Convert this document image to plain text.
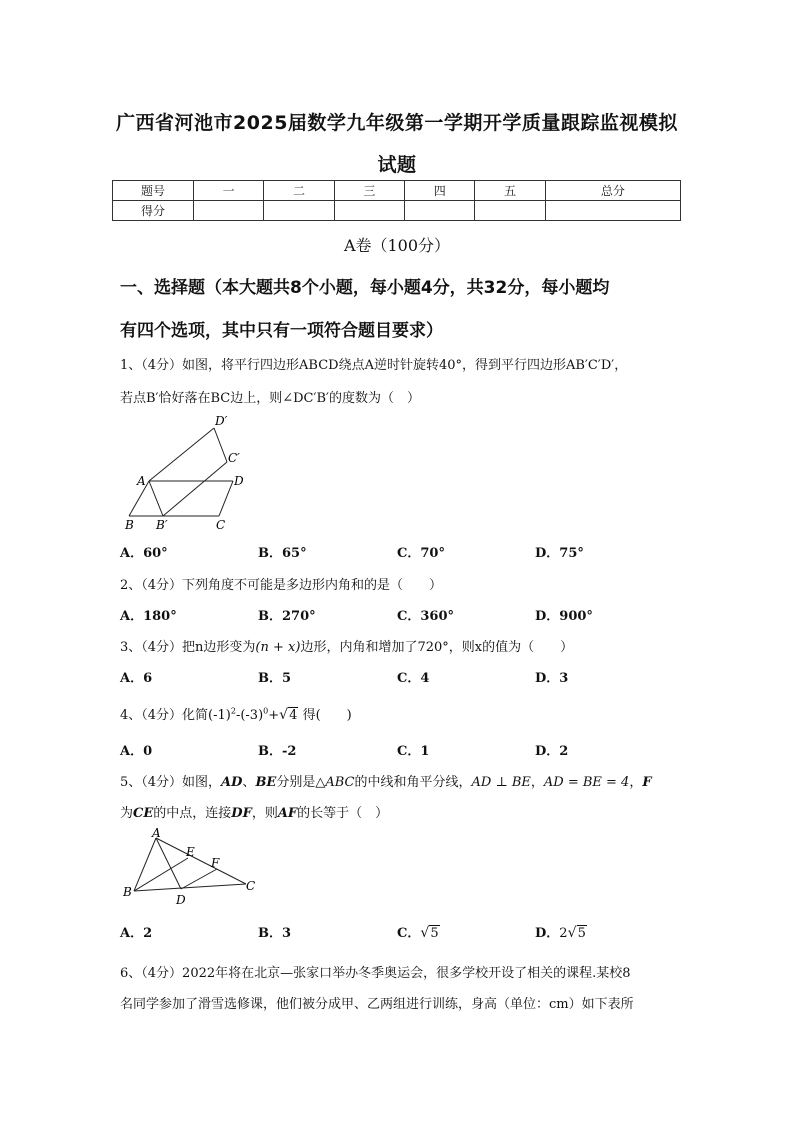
广西省河池市2025届数学九年级第一学期开学质量跟踪监视模拟
试题
题号	一	二	三	四	五	总分
得分						
A卷（100分）
一、选择题（本大题共8个小题，每小题4分，共32分，每小题均
有四个选项，其中只有一项符合题目要求）
1、（4分）如图，将平行四边形ABCD绕点A逆时针旋转40°，得到平行四边形AB′C′D′，
若点B′恰好落在BC边上，则∠DC′B′的度数为（　）
D′
C′
A	D
B B′	C
A．60°	B．65°	C．70°	D．75°
2、（4分）下列角度不可能是多边形内角和的是（　　）
A．180°	B．270°	C．360°	D．900°
3、（4分）把n边形变为(n + x)边形，内角和增加了720°，则x的值为（　　）
A．6	B．5	C．4	D．3
4、（4分）化简$(-1)^2-(-3)^0+$ √ 4 得(　　)
A．0	B．-2	C．1	D．2
5、（4分）如图，AD、BE分别是△ABC的中线和角平分线，AD ⊥ BE，AD = BE = 4，F
为CE的中点，连接DF，则AF的长等于（　）
A
E
F
B
D
C
A．2	B．3	C． √ 5	D．2 √ 5
6、（4分）2022年将在北京—张家口举办冬季奥运会，很多学校开设了相关的课程.某校8
名同学参加了滑雪选修课，他们被分成甲、乙两组进行训练，身高（单位：cm）如下表所
